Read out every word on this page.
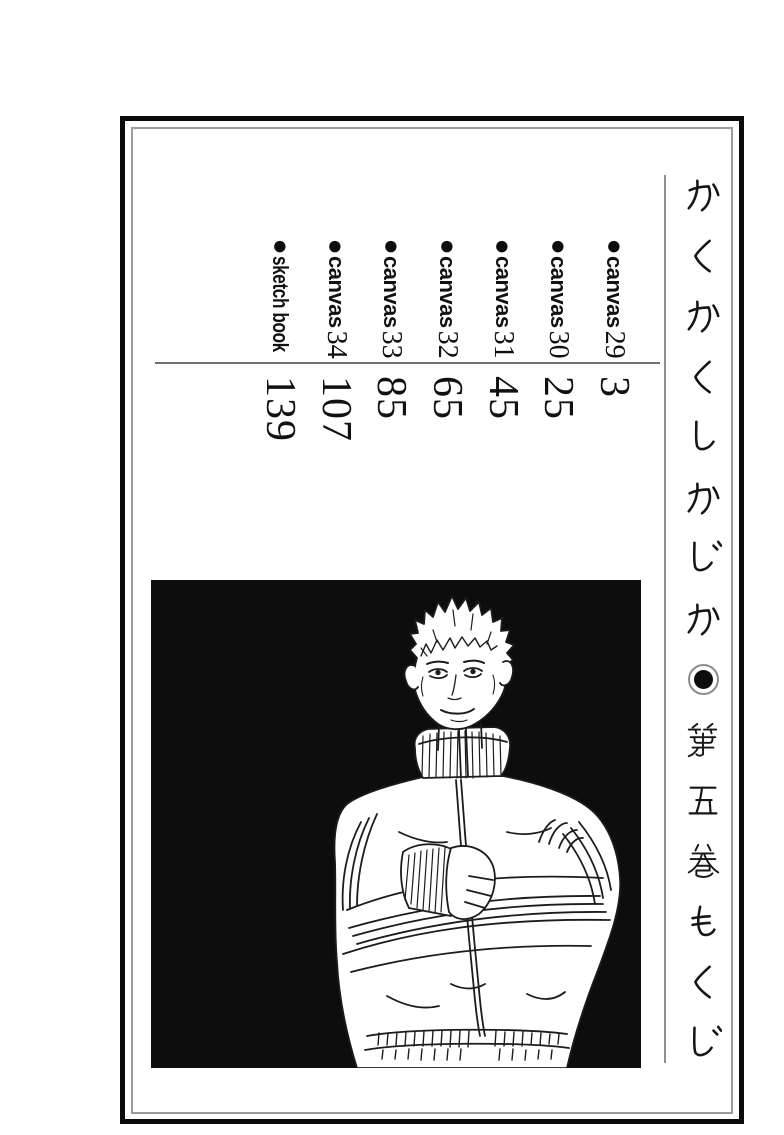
●
canvas
29
3
●
canvas
30
25
●
canvas
31
45
●
canvas
32
65
●
canvas
33
85
●
canvas
34
107
●
sketch book
139
